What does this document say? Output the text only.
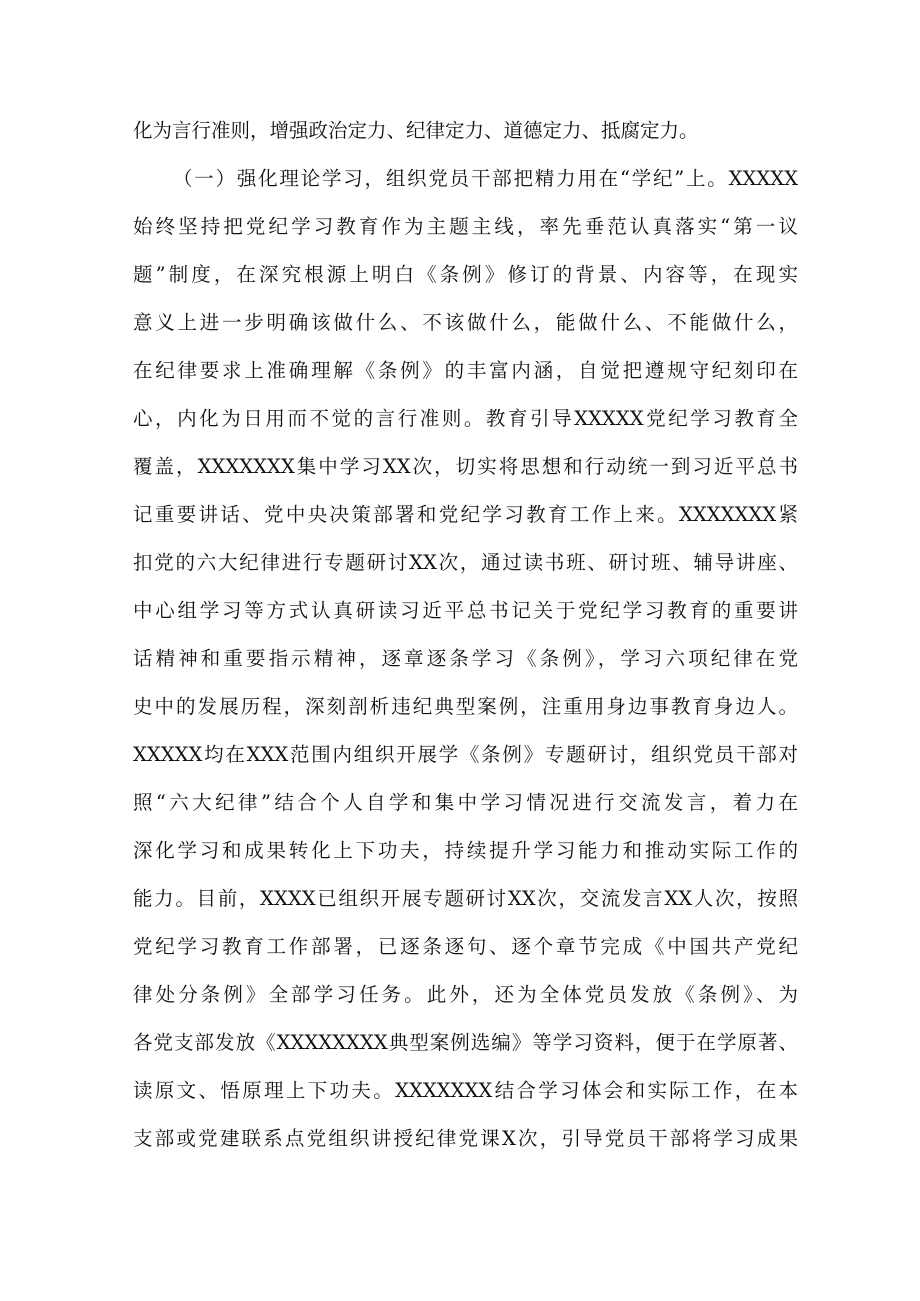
化为言行准则，增强政治定力、纪律定力、道德定力、抵腐定力。
（一）强化理论学习，组织党员干部把精力用在“学纪”上。XXXXX
始终坚持把党纪学习教育作为主题主线，率先垂范认真落实“第一议
题”制度，在深究根源上明白《条例》修订的背景、内容等，在现实
意义上进一步明确该做什么、不该做什么，能做什么、不能做什么，
在纪律要求上准确理解《条例》的丰富内涵，自觉把遵规守纪刻印在
心，内化为日用而不觉的言行准则。教育引导XXXXX党纪学习教育全
覆盖，XXXXXXX集中学习XX次，切实将思想和行动统一到习近平总书
记重要讲话、党中央决策部署和党纪学习教育工作上来。XXXXXXX紧
扣党的六大纪律进行专题研讨XX次，通过读书班、研讨班、辅导讲座、
中心组学习等方式认真研读习近平总书记关于党纪学习教育的重要讲
话精神和重要指示精神，逐章逐条学习《条例》，学习六项纪律在党
史中的发展历程，深刻剖析违纪典型案例，注重用身边事教育身边人。
XXXXX均在XXX范围内组织开展学《条例》专题研讨，组织党员干部对
照“六大纪律”结合个人自学和集中学习情况进行交流发言，着力在
深化学习和成果转化上下功夫，持续提升学习能力和推动实际工作的
能力。目前，XXXX已组织开展专题研讨XX次，交流发言XX人次，按照
党纪学习教育工作部署，已逐条逐句、逐个章节完成《中国共产党纪
律处分条例》全部学习任务。此外，还为全体党员发放《条例》、为
各党支部发放《XXXXXXXX典型案例选编》等学习资料，便于在学原著、
读原文、悟原理上下功夫。XXXXXXX结合学习体会和实际工作，在本
支部或党建联系点党组织讲授纪律党课X次，引导党员干部将学习成果
